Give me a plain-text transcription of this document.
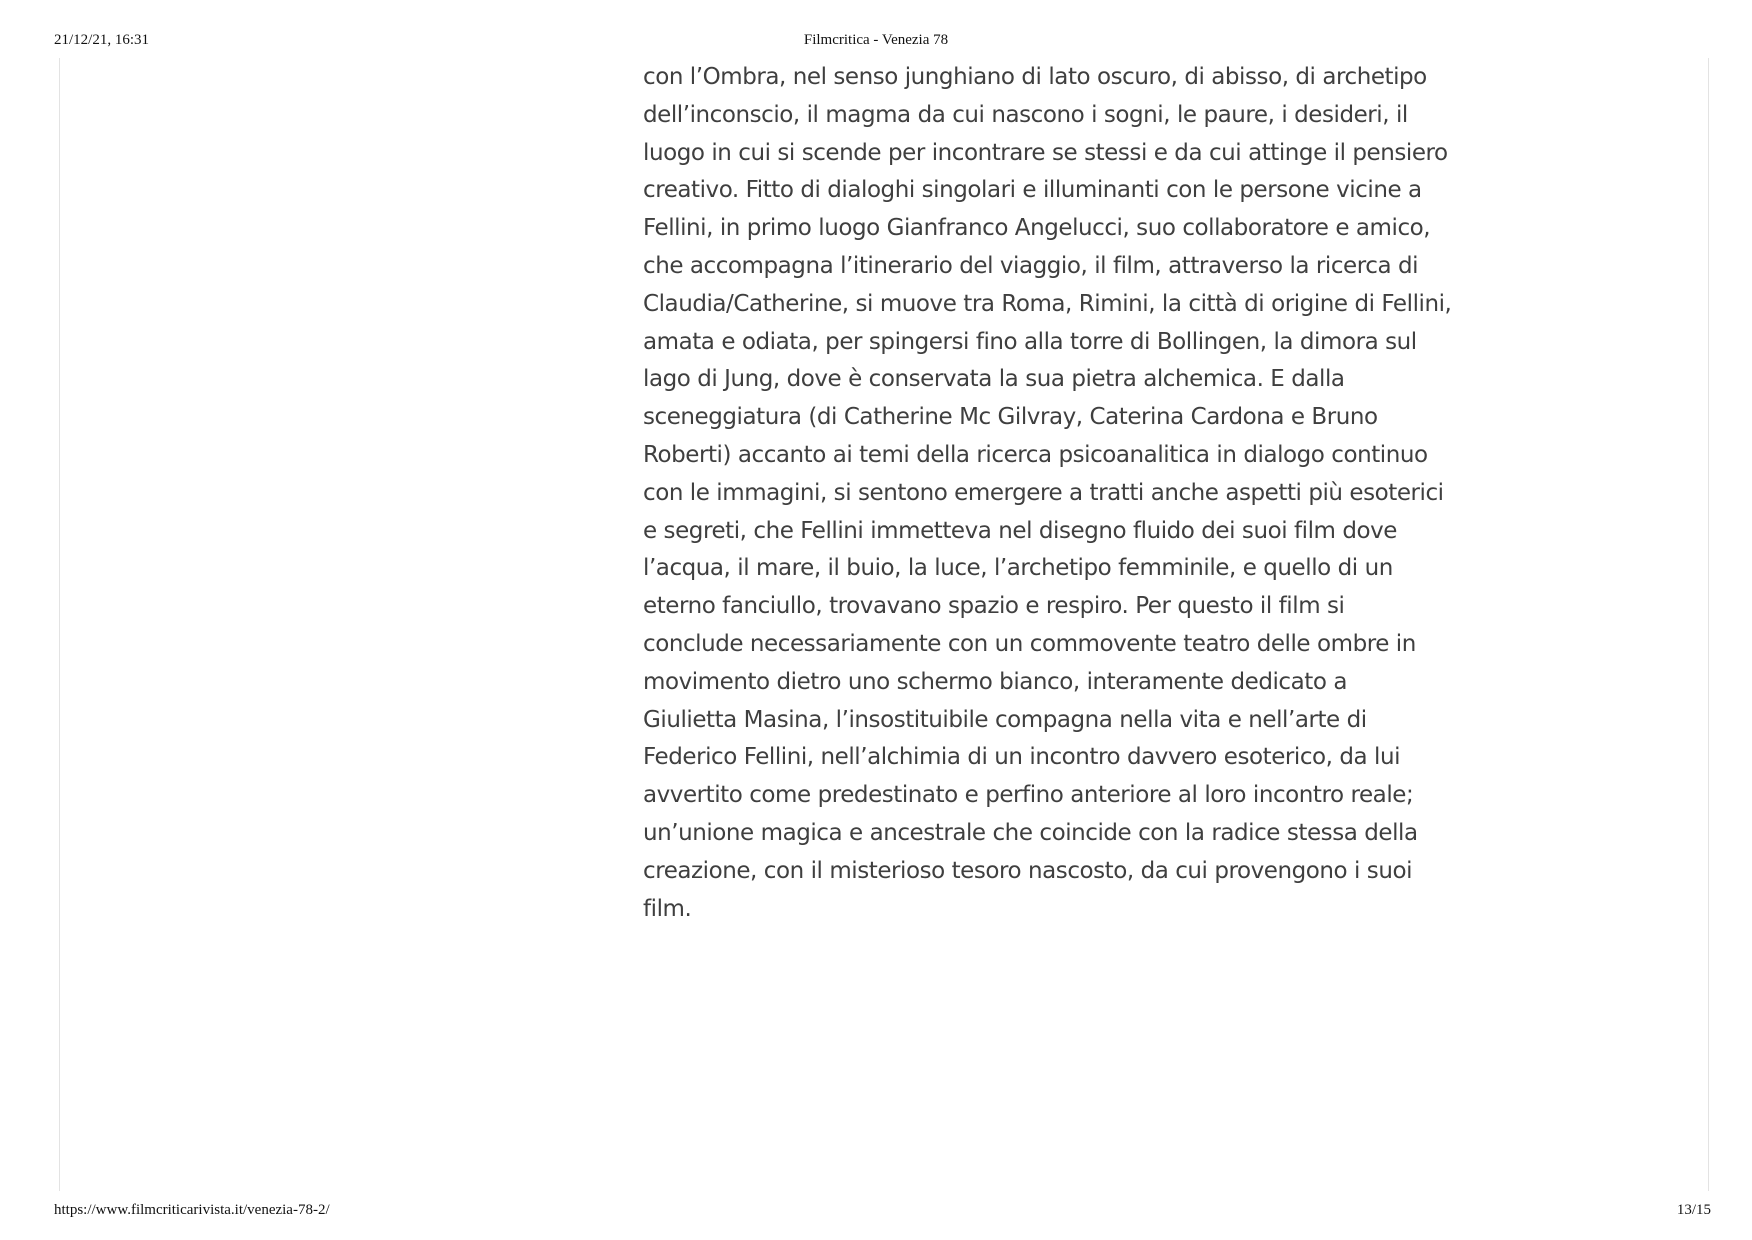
21/12/21, 16:31	Filmcritica - Venezia 78

con l’Ombra, nel senso junghiano di lato oscuro, di abisso, di archetipo
dell’inconscio, il magma da cui nascono i sogni, le paure, i desideri, il
luogo in cui si scende per incontrare se stessi e da cui attinge il pensiero
creativo. Fitto di dialoghi singolari e illuminanti con le persone vicine a
Fellini, in primo luogo Gianfranco Angelucci, suo collaboratore e amico,
che accompagna l’itinerario del viaggio, il film, attraverso la ricerca di
Claudia/Catherine, si muove tra Roma, Rimini, la città di origine di Fellini,
amata e odiata, per spingersi fino alla torre di Bollingen, la dimora sul
lago di Jung, dove è conservata la sua pietra alchemica. E dalla
sceneggiatura (di Catherine Mc Gilvray, Caterina Cardona e Bruno
Roberti) accanto ai temi della ricerca psicoanalitica in dialogo continuo
con le immagini, si sentono emergere a tratti anche aspetti più esoterici
e segreti, che Fellini immetteva nel disegno fluido dei suoi film dove
l’acqua, il mare, il buio, la luce, l’archetipo femminile, e quello di un
eterno fanciullo, trovavano spazio e respiro. Per questo il film si
conclude necessariamente con un commovente teatro delle ombre in
movimento dietro uno schermo bianco, interamente dedicato a
Giulietta Masina, l’insostituibile compagna nella vita e nell’arte di
Federico Fellini, nell’alchimia di un incontro davvero esoterico, da lui
avvertito come predestinato e perfino anteriore al loro incontro reale;
un’unione magica e ancestrale che coincide con la radice stessa della
creazione, con il misterioso tesoro nascosto, da cui provengono i suoi
film.

https://www.filmcriticarivista.it/venezia-78-2/	13/15
